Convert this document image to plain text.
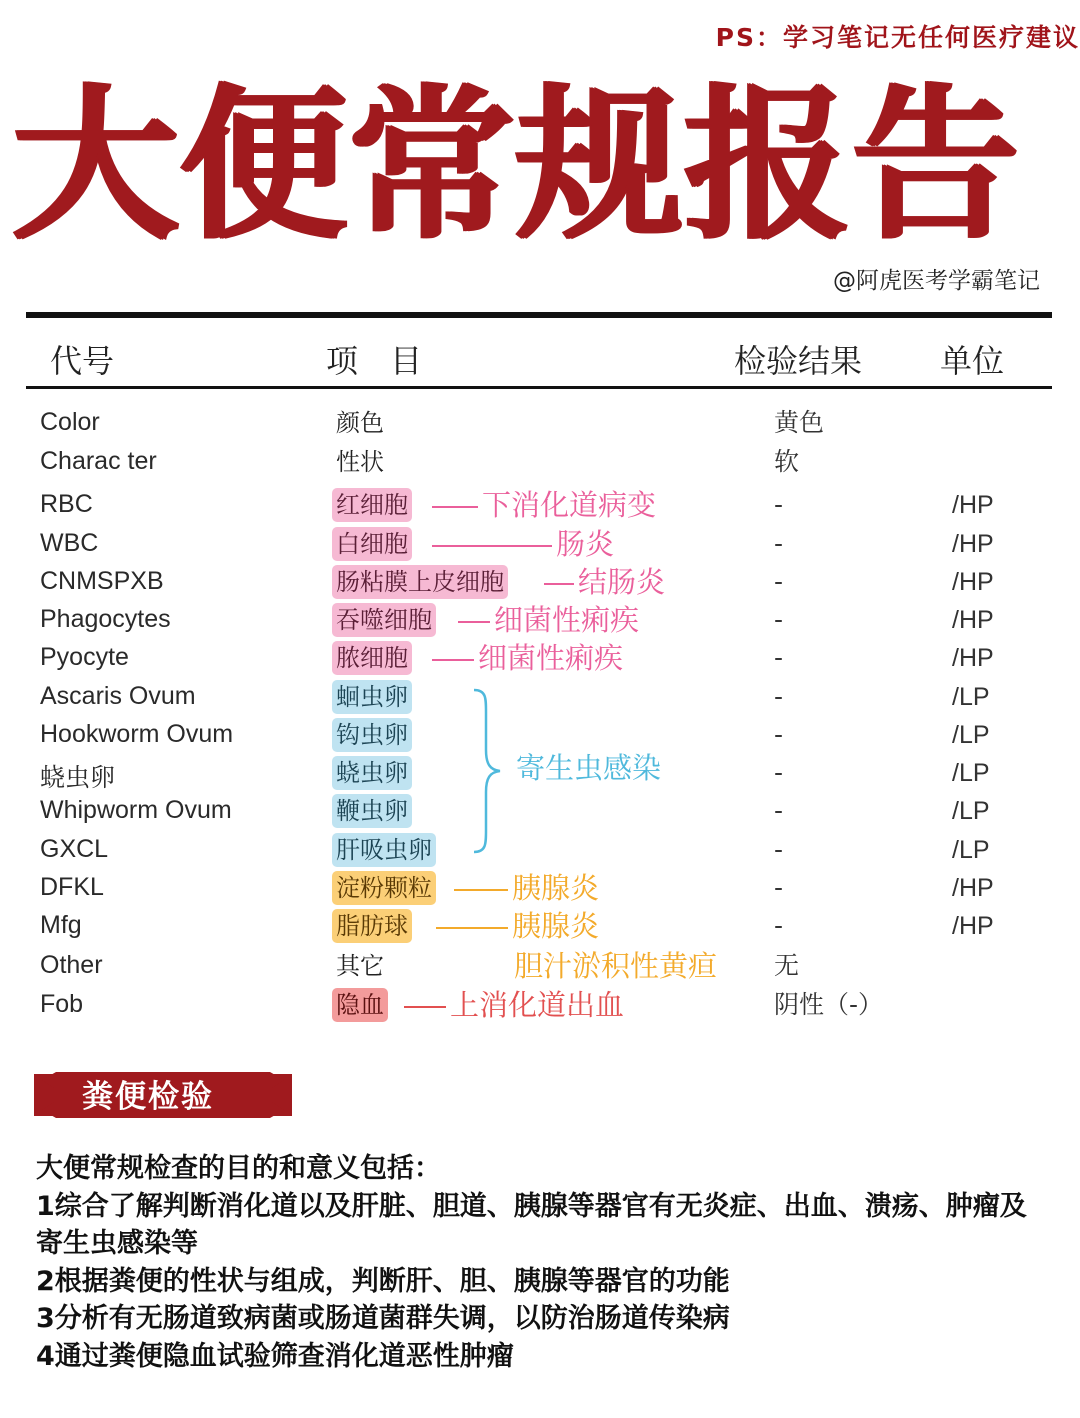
PS：学习笔记无任何医疗建议
大便常规报告
@阿虎医考学霸笔记
代号	项　目	检验结果 单位
Color	颜色	黄色
Charac ter	性状	软
RBC	红细胞	下消化道病变	-	/HP
WBC	白细胞	肠炎	-	/HP
CNMSPXB	肠粘膜上皮细胞	结肠炎	-	/HP
Phagocytes	吞噬细胞	细菌性痢疾	-	/HP
Pyocyte	脓细胞	细菌性痢疾	-	/HP
Ascaris Ovum	蛔虫卵	-	/LP
Hookworm Ovum	钩虫卵	-	/LP
蛲虫卵	蛲虫卵	-	/LP
Whipworm Ovum	鞭虫卵	-	/LP
GXCL	肝吸虫卵	-	/LP
DFKL	淀粉颗粒	胰腺炎	-	/HP
Mfg	脂肪球	胰腺炎	-	/HP
Other	其它	胆汁淤积性黄疸 无
Fob	隐血	上消化道出血	阴性（-）
寄生虫感染
粪便检验

大便常规检查的目的和意义包括：

1综合了解判断消化道以及肝脏、胆道、胰腺等器官有无炎症、出血、溃疡、肿瘤及寄生虫感染等

2根据粪便的性状与组成，判断肝、胆、胰腺等器官的功能

3分析有无肠道致病菌或肠道菌群失调，以防治肠道传染病

4通过粪便隐血试验筛查消化道恶性肿瘤
